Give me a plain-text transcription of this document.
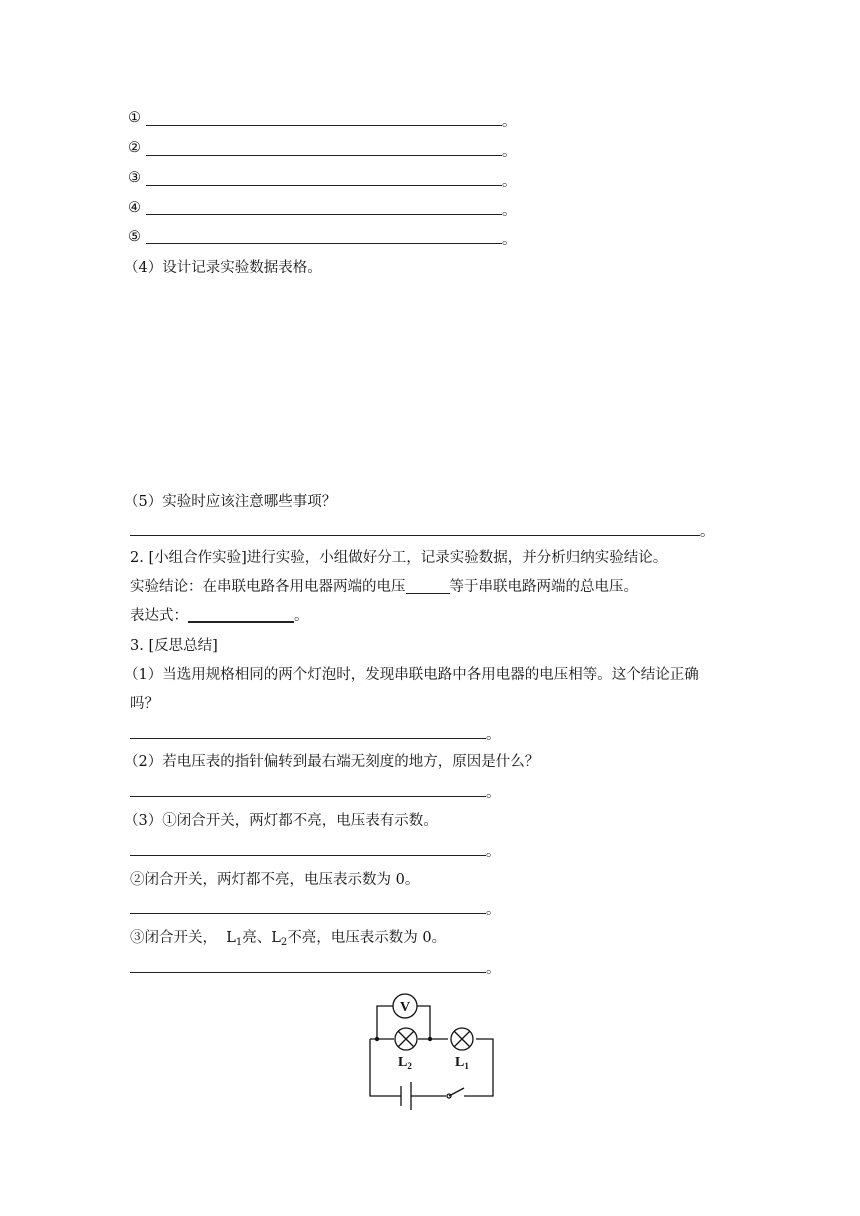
①	。
②	。
③	。
④	。
⑤	。
（4）设计记录实验数据表格。
（5）实验时应该注意哪些事项？
。
2. [小组合作实验]进行实验，小组做好分工，记录实验数据，并分析归纳实验结论。
实验结论：在串联电路各用电器两端的电压	等于串联电路两端的总电压。
表达式：	。
3. [反思总结]
（1）当选用规格相同的两个灯泡时，发现串联电路中各用电器的电压相等。这个结论正确
吗？
。
（2）若电压表的指针偏转到最右端无刻度的地方，原因是什么？
。
（3）①闭合开关，两灯都不亮，电压表有示数。
。
②闭合开关，两灯都不亮，电压表示数为 0。
。
③闭合开关， $L_1$亮、$L_2$不亮，电压表示数为 0。
。
V
$L_2$	$L_1$
